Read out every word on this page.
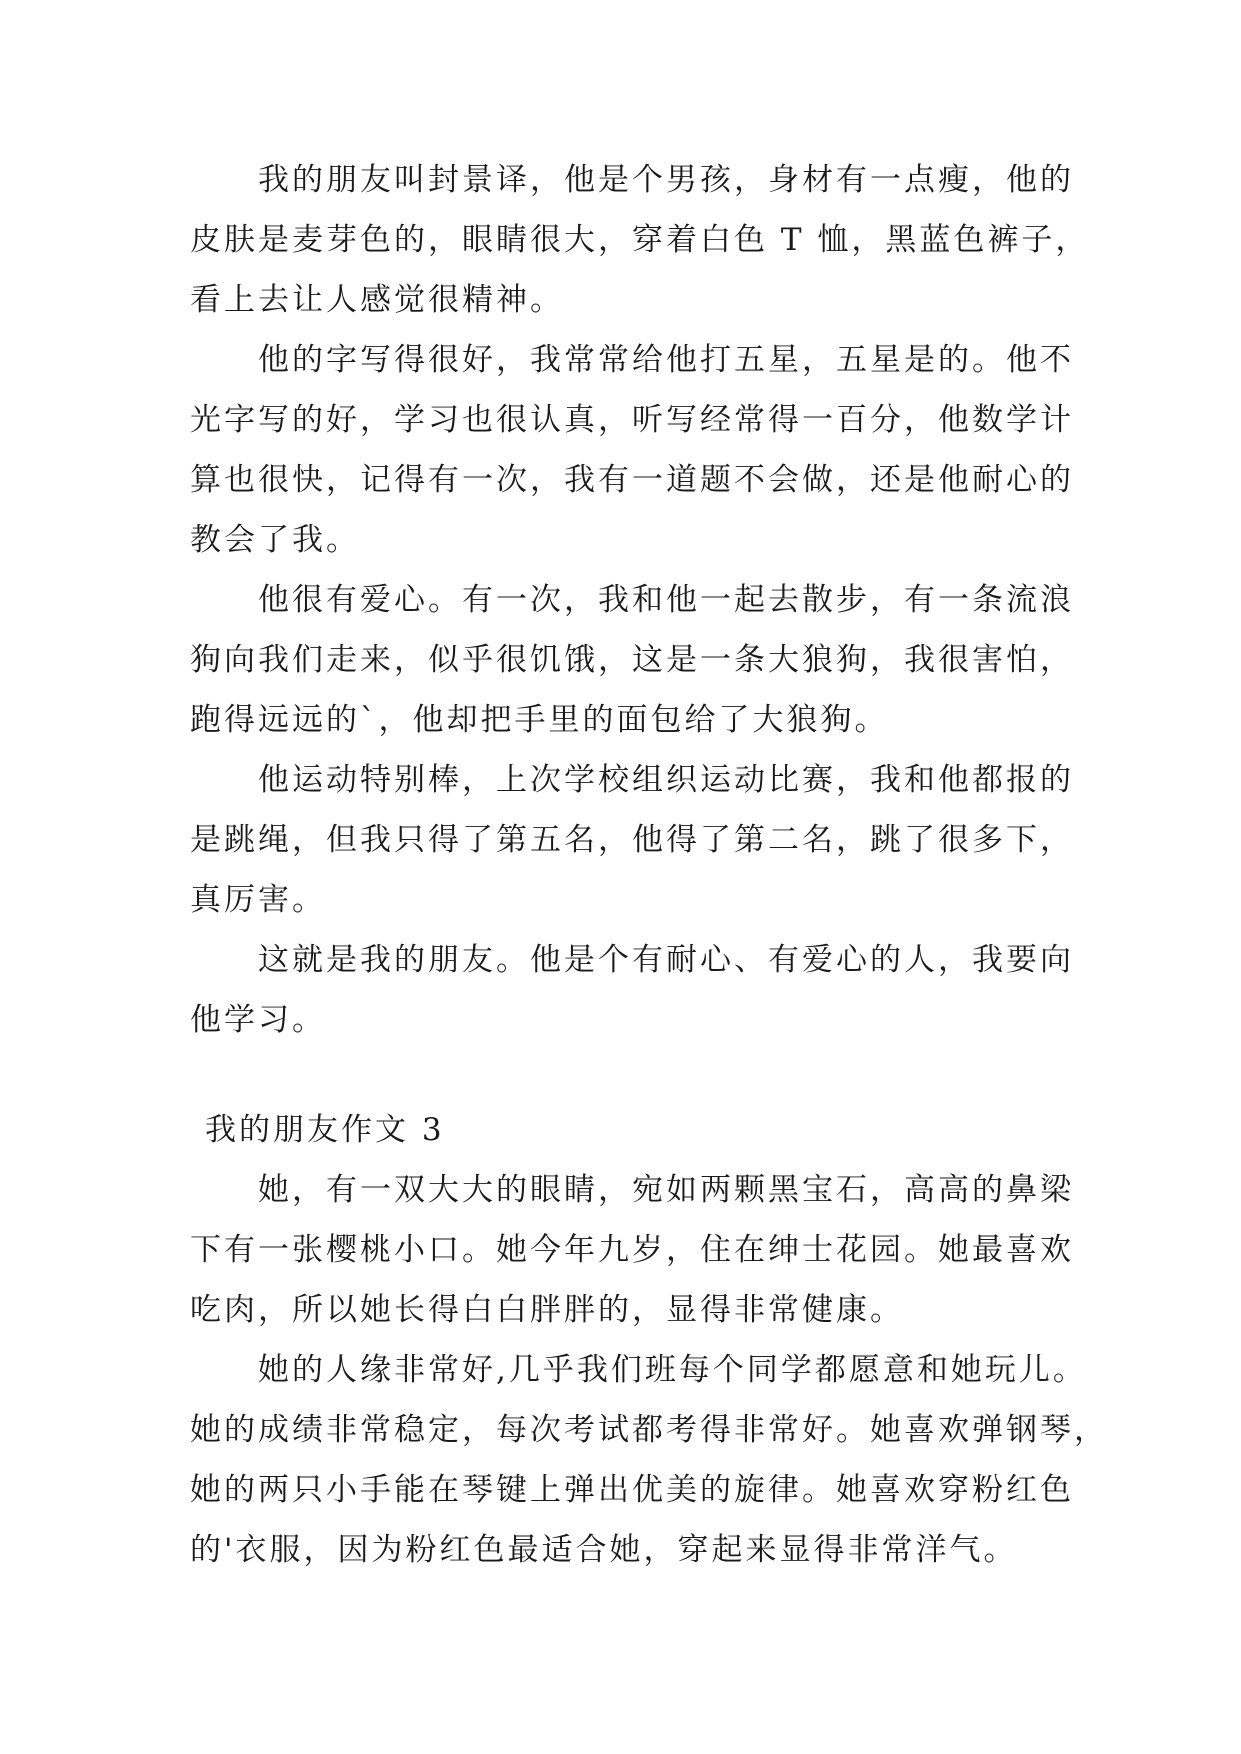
　　我的朋友叫封景译，他是个男孩，身材有一点瘦，他的
皮肤是麦芽色的，眼睛很大，穿着白色 T 恤，黑蓝色裤子，
看上去让人感觉很精神。
　　他的字写得很好，我常常给他打五星，五星是的。他不
光字写的好，学习也很认真，听写经常得一百分，他数学计
算也很快，记得有一次，我有一道题不会做，还是他耐心的
教会了我。
　　他很有爱心。有一次，我和他一起去散步，有一条流浪
狗向我们走来，似乎很饥饿，这是一条大狼狗，我很害怕，
跑得远远的`，他却把手里的面包给了大狼狗。
　　他运动特别棒，上次学校组织运动比赛，我和他都报的
是跳绳，但我只得了第五名，他得了第二名，跳了很多下，
真厉害。
　　这就是我的朋友。他是个有耐心、有爱心的人，我要向
他学习。
我的朋友作文 3
　　她，有一双大大的眼睛，宛如两颗黑宝石，高高的鼻梁
下有一张樱桃小口。她今年九岁，住在绅士花园。她最喜欢
吃肉，所以她长得白白胖胖的，显得非常健康。
　　她的人缘非常好,几乎我们班每个同学都愿意和她玩儿。
她的成绩非常稳定，每次考试都考得非常好。她喜欢弹钢琴，
她的两只小手能在琴键上弹出优美的旋律。她喜欢穿粉红色
的'衣服，因为粉红色最适合她，穿起来显得非常洋气。
